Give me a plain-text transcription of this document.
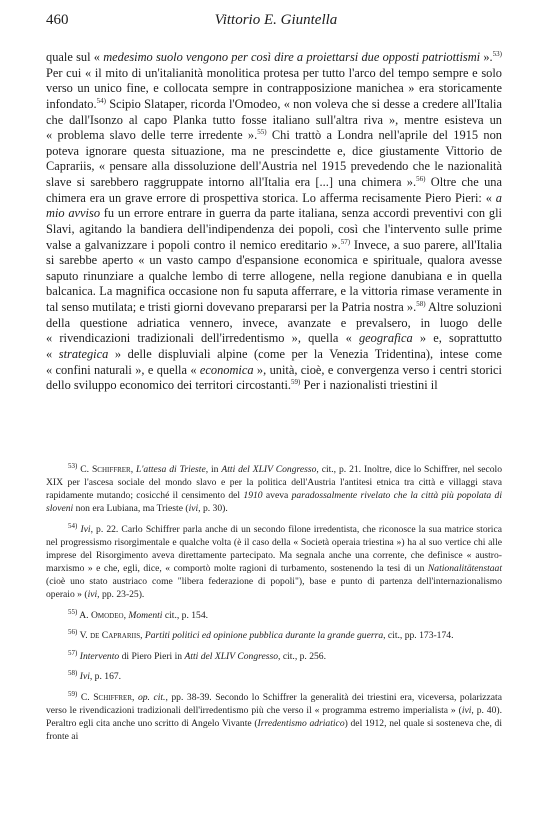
460	Vittorio E. Giuntella

quale sul « medesimo suolo vengono per così dire a proiettarsi due opposti patriottismi ».$^{53)}$ Per cui « il mito di un'italianità monolitica protesa per tutto l'arco del tempo sempre e solo verso un unico fine, e collocata sempre in contrapposizione manichea » era storicamente infondato.$^{54)}$ Scipio Slataper, ricorda l'Omodeo, « non voleva che si desse a credere all'Italia che dall'Isonzo al capo Planka tutto fosse italiano sull'altra riva », mentre esisteva un « problema slavo delle terre irredente ».$^{55)}$ Chi trattò a Londra nell'aprile del 1915 non poteva ignorare questa situazione, ma ne prescindette e, dice giustamente Vittorio de Caprariis, « pensare alla dissoluzione dell'Austria nel 1915 prevedendo che le nazionalità slave si sarebbero raggruppate intorno all'Italia era [...] una chimera ».$^{56)}$ Oltre che una chimera era un grave errore di prospettiva storica. Lo afferma recisamente Piero Pieri: « a mio avviso fu un errore entrare in guerra da parte italiana, senza accordi preventivi con gli Slavi, agitando la bandiera dell'indipendenza dei popoli, così che l'intervento sulle prime valse a galvanizzare i popoli contro il nemico ereditario ».$^{57)}$ Invece, a suo parere, all'Italia si sarebbe aperto « un vasto campo d'espansione economica e spirituale, qualora avesse saputo rinunziare a qualche lembo di terre allogene, nella regione danubiana e in quella balcanica. La magnifica occasione non fu saputa afferrare, e la vittoria rimase veramente in tal senso mutilata; e tristi giorni dovevano prepararsi per la Patria nostra ».$^{58)}$ Altre soluzioni della questione adriatica vennero, invece, avanzate e prevalsero, in luogo delle « rivendicazioni tradizionali dell'irredentismo », quella « geografica » e, soprattutto « strategica » delle displuviali alpine (come per la Venezia Tridentina), intese come « confini naturali », e quella « economica », unità, cioè, e convergenza verso i centri storici dello sviluppo economico dei territori circostanti.$^{59)}$ Per i nazionalisti triestini il

$^{53)}$ C. Schiffrer, L'attesa di Trieste, in Atti del XLIV Congresso, cit., p. 21. Inoltre, dice lo Schiffrer, nel secolo XIX per l'ascesa sociale del mondo slavo e per la politica dell'Austria l'antitesi etnica tra città e villaggi stava rapidamente mutando; cosicché il censimento del 1910 aveva paradossalmente rivelato che la città più popolata di sloveni non era Lubiana, ma Trieste (ivi, p. 30).

$^{54)}$ Ivi, p. 22. Carlo Schiffrer parla anche di un secondo filone irredentista, che riconosce la sua matrice storica nel progressismo risorgimentale e qualche volta (è il caso della « Società operaia triestina ») ha al suo vertice chi alle imprese del Risorgimento aveva direttamente partecipato. Ma segnala anche una corrente, che definisce « austro-marxismo » e che, egli, dice, « comportò molte ragioni di turbamento, sostenendo la tesi di un Nationalitätenstaat (cioè uno stato austriaco come "libera federazione di popoli"), base e punto di partenza dell'internazionalismo operaio » (ivi, pp. 23-25).

$^{55)}$ A. Omodeo, Momenti cit., p. 154.

$^{56)}$ V. de Caprariis, Partiti politici ed opinione pubblica durante la grande guerra, cit., pp. 173-174.

$^{57)}$ Intervento di Piero Pieri in Atti del XLIV Congresso, cit., p. 256.

$^{58)}$ Ivi, p. 167.

$^{59)}$ C. Schiffrer, op. cit., pp. 38-39. Secondo lo Schiffrer la generalità dei triestini era, viceversa, polarizzata verso le rivendicazioni tradizionali dell'irredentismo più che verso il « programma estremo imperialista » (ivi, p. 40). Peraltro egli cita anche uno scritto di Angelo Vivante (Irredentismo adriatico) del 1912, nel quale si sosteneva che, di fronte ai
